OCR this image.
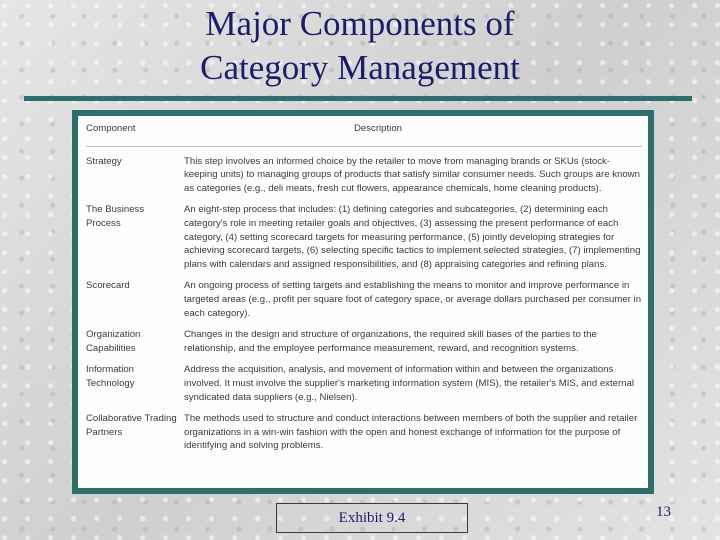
Major Components of
Category Management
Component	Description
Strategy	This step involves an informed choice by the retailer to move from managing brands or SKUs (stock-keeping units) to managing groups of products that satisfy similar consumer needs. Such groups are known as categories (e.g., deli meats, fresh cut flowers, appearance chemicals, home cleaning products).
The Business Process	An eight-step process that includes: (1) defining categories and subcategories, (2) determining each category's role in meeting retailer goals and objectives, (3) assessing the present performance of each category, (4) setting scorecard targets for measuring performance, (5) jointly developing strategies for achieving scorecard targets, (6) selecting specific tactics to implement selected strategies, (7) implementing plans with calendars and assigned responsibilities, and (8) appraising categories and refining plans.
Scorecard	An ongoing process of setting targets and establishing the means to monitor and improve performance in targeted areas (e.g., profit per square foot of category space, or average dollars purchased per consumer in each category).
Organization Capabilities	Changes in the design and structure of organizations, the required skill bases of the parties to the relationship, and the employee performance measurement, reward, and recognition systems.
Information Technology	Address the acquisition, analysis, and movement of information within and between the organizations involved. It must involve the supplier's marketing information system (MIS), the retailer's MIS, and external syndicated data suppliers (e.g., Nielsen).
Collaborative Trading Partners	The methods used to structure and conduct interactions between members of both the supplier and retailer organizations in a win-win fashion with the open and honest exchange of information for the purpose of identifying and solving problems.
Exhibit 9.4	13
